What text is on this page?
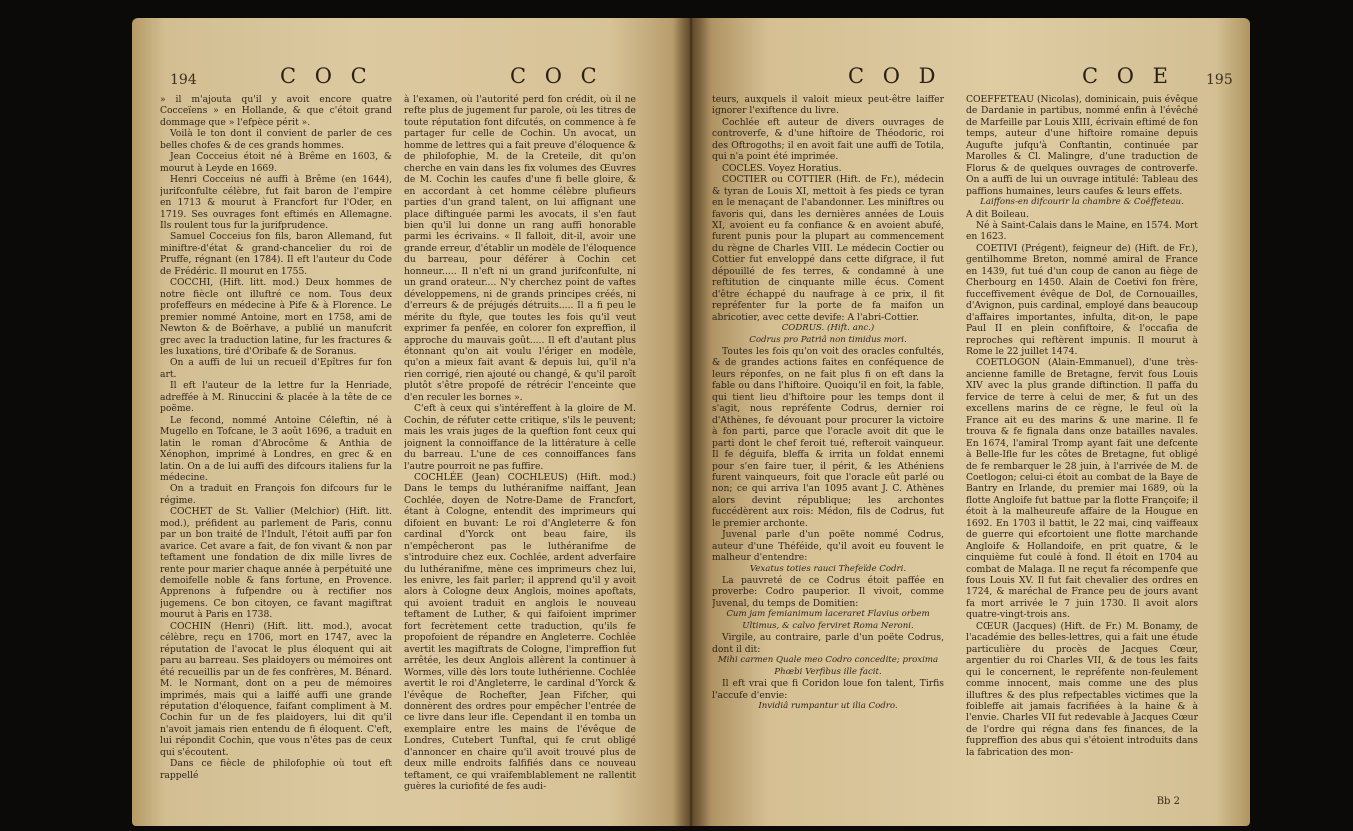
194	C O C	C O C

» il m'ajouta qu'il y avoit encore quatre Cocceïens » en Hollande, & que c'étoit grand dommage que » l'efpèce périt ».

Voilà le ton dont il convient de parler de ces belles chofes & de ces grands hommes.

Jean Cocceius étoit né à Brême en 1603, & mourut à Leyde en 1669.

Henri Cocceius né auffi à Brême (en 1644), jurifconfulte célèbre, fut fait baron de l'empire en 1713 & mourut à Francfort fur l'Oder, en 1719. Ses ouvrages font eftimés en Allemagne. Ils roulent tous fur la jurifprudence.

Samuel Cocceius fon fils, baron Allemand, fut miniftre-d'état & grand-chancelier du roi de Pruffe, régnant (en 1784). Il eft l'auteur du Code de Frédéric. Il mourut en 1755.

COCCHI, (Hift. litt. mod.) Deux hommes de notre fiècle ont illuftré ce nom. Tous deux profeffeurs en médecine à Pife & à Florence. Le premier nommé Antoine, mort en 1758, ami de Newton & de Boërhave, a publié un manufcrit grec avec la traduction latine, fur les fractures & les luxations, tiré d'Oribafe & de Soranus.

On a auffi de lui un recueil d'Epîtres fur fon art.

Il eft l'auteur de la lettre fur la Henriade, adreffée à M. Rinuccini & placée à la tête de ce poëme.

Le fecond, nommé Antoine Céleftin, né à Mugello en Tofcane, le 3 août 1696, a traduit en latin le roman d'Abrocôme & Anthia de Xénophon, imprimé à Londres, en grec & en latin. On a de lui auffi des difcours italiens fur la médecine.

On a traduit en François fon difcours fur le régime.

COCHET de St. Vallier (Melchior) (Hift. litt. mod.), préfident au parlement de Paris, connu par un bon traité de l'Indult, l'étoit auffi par fon avarice. Cet avare a fait, de fon vivant & non par teftament une fondation de dix mille livres de rente pour marier chaque année à perpétuité une demoifelle noble & fans fortune, en Provence. Apprenons à fufpendre ou à rectifier nos jugemens. Ce bon citoyen, ce favant magiftrat mourut à Paris en 1738.

COCHIN (Henri) (Hift. litt. mod.), avocat célèbre, reçu en 1706, mort en 1747, avec la réputation de l'avocat le plus éloquent qui ait paru au barreau. Ses plaidoyers ou mémoires ont été recueillis par un de fes confrères, M. Bénard. M. le Normant, dont on a peu de mémoires imprimés, mais qui a laiffé auffi une grande réputation d'éloquence, faifant compliment à M. Cochin fur un de fes plaidoyers, lui dit qu'il n'avoit jamais rien entendu de fi éloquent. C'eft, lui répondit Cochin, que vous n'êtes pas de ceux qui s'écoutent.

Dans ce fiècle de philofophie où tout eft rappellé

à l'examen, où l'autorité perd fon crédit, où il ne refte plus de jugement fur parole, où les titres de toute réputation font difcutés, on commence à fe partager fur celle de Cochin. Un avocat, un homme de lettres qui a fait preuve d'éloquence & de philofophie, M. de la Creteile, dit qu'on cherche en vain dans les fix volumes des Œuvres de M. Cochin les caufes d'une fi belle gloire, & en accordant à cet homme célèbre plufieurs parties d'un grand talent, on lui affignant une place diftinguée parmi les avocats, il s'en faut bien qu'il lui donne un rang auffi honorable parmi les écrivains. « Il falloit, dit-il, avoir une grande erreur, d'établir un modèle de l'éloquence du barreau, pour déférer à Cochin cet honneur..... Il n'eft ni un grand jurifconfulte, ni un grand orateur.... N'y cherchez point de vaftes développemens, ni de grands principes créés, ni d'erreurs & de préjugés détruits..... Il a fi peu le mérite du ftyle, que toutes les fois qu'il veut exprimer fa penfée, en colorer fon expreffion, il approche du mauvais goût..... Il eft d'autant plus étonnant qu'on ait voulu l'ériger en modèle, qu'on a mieux fait avant & depuis lui, qu'il n'a rien corrigé, rien ajouté ou changé, & qu'il paroît plutôt s'être propofé de rétrécir l'enceinte que d'en reculer les bornes ».

C'eft à ceux qui s'intéreffent à la gloire de M. Cochin, de réfuter cette critique, s'ils le peuvent; mais les vrais juges de la queftion font ceux qui joignent la connoiffance de la littérature à celle du barreau. L'une de ces connoiffances fans l'autre pourroit ne pas fuffire.

COCHLÉE (Jean) COCHLEUS) (Hift. mod.) Dans le temps du luthéranifme naiffant, Jean Cochlée, doyen de Notre-Dame de Francfort, étant à Cologne, entendit des imprimeurs qui difoient en buvant: Le roi d'Angleterre & fon cardinal d'Yorck ont beau faire, ils n'empêcheront pas le luthéranifme de s'introduire chez eux. Cochlée, ardent adverfaire du luthéranifme, mène ces imprimeurs chez lui, les enivre, les fait parler; il apprend qu'il y avoit alors à Cologne deux Anglois, moines apoftats, qui avoient traduit en anglois le nouveau teftament de Luther, & qui faifoient imprimer fort fecrètement cette traduction, qu'ils fe propofoient de répandre en Angleterre. Cochlée avertit les magiftrats de Cologne, l'impreffion fut arrêtée, les deux Anglois allèrent la continuer à Wormes, ville dès lors toute luthérienne. Cochlée avertit le roi d'Angleterre, le cardinal d'Yorck & l'évêque de Rochefter, Jean Fifcher, qui donnèrent des ordres pour empêcher l'entrée de ce livre dans leur ifle. Cependant il en tomba un exemplaire entre les mains de l'évêque de Londres, Cutebert Tunftal, qui fe crut obligé d'annoncer en chaire qu'il avoit trouvé plus de deux mille endroits falfifiés dans ce nouveau teftament, ce qui vraifemblablement ne rallentit guères la curiofité de fes audi-

C O D	C O E 195

teurs, auxquels il valoit mieux peut-être laiffer ignorer l'exiftence du livre.

Cochlée eft auteur de divers ouvrages de controverfe, & d'une hiftoire de Théodoric, roi des Oftrogoths; il en avoit fait une auffi de Totila, qui n'a point été imprimée.

COCLES. Voyez Horatius.

COCTIER ou COTTIER (Hift. de Fr.), médecin & tyran de Louis XI, mettoit à fes pieds ce tyran en le menaçant de l'abandonner. Les miniftres ou favoris qui, dans les dernières années de Louis XI, avoient eu fa confiance & en avoient abufé, furent punis pour la plupart au commencement du règne de Charles VIII. Le médecin Coctier ou Cottier fut enveloppé dans cette difgrace, il fut dépouillé de fes terres, & condamné à une reftitution de cinquante mille écus. Coment d'être échappé du naufrage à ce prix, il fit repréfenter fur la porte de fa maifon un abricotier, avec cette devife: A l'abri-Cottier.

CODRUS. (Hift. anc.)

Codrus pro Patriâ non timidus mori.

Toutes les fois qu'on voit des oracles confultés, & de grandes actions faites en conféquence de leurs réponfes, on ne fait plus fi on eft dans la fable ou dans l'hiftoire. Quoiqu'il en foit, la fable, qui tient lieu d'hiftoire pour les temps dont il s'agit, nous repréfente Codrus, dernier roi d'Athènes, fe dévouant pour procurer la victoire à fon parti, parce que l'oracle avoit dit que le parti dont le chef feroit tué, refteroit vainqueur. Il fe déguifa, bleffa & irrita un foldat ennemi pour s'en faire tuer, il périt, & les Athéniens furent vainqueurs, foit que l'oracle eût parlé ou non; ce qui arriva l'an 1095 avant J. C. Athènes alors devint république; les archontes fuccédèrent aux rois: Médon, fils de Codrus, fut le premier archonte.

Juvenal parle d'un poëte nommé Codrus, auteur d'une Théféide, qu'il avoit eu fouvent le malheur d'entendre:

Vexatus toties rauci Thefeïde Codri.

La pauvreté de ce Codrus étoit paffée en proverbe: Codro pauperior. Il vivoit, comme Juvenal, du temps de Domitien:

Cum jam femianimum laceraret Flavius orbem Ultimus, & calvo ferviret Roma Neroni.

Virgile, au contraire, parle d'un poëte Codrus, dont il dit:

Mihi carmen Quale meo Codro concedite; proxima Phœbi Verfibus ille facit.

Il eft vrai que fi Coridon loue fon talent, Tirfis l'accufe d'envie:

Invidiâ rumpantur ut ilia Codro.

COEFFETEAU (Nicolas), dominicain, puis évêque de Dardanie in partibus, nommé enfin à l'évêché de Marfeille par Louis XIII, écrivain eftimé de fon temps, auteur d'une hiftoire romaine depuis Augufte jufqu'à Conftantin, continuée par Marolles & Cl. Malingre, d'une traduction de Florus & de quelques ouvrages de controverfe. On a auffi de lui un ouvrage intitulé: Tableau des paffions humaines, leurs caufes & leurs effets.

Laiffons-en difcourir la chambre & Coëffeteau.

A dit Boileau.

Né à Saint-Calais dans le Maine, en 1574. Mort en 1623.

COETIVI (Prégent), feigneur de) (Hift. de Fr.), gentilhomme Breton, nommé amiral de France en 1439, fut tué d'un coup de canon au fiège de Cherbourg en 1450. Alain de Coetivi fon frère, fucceffivement évêque de Dol, de Cornouailles, d'Avignon, puis cardinal, employé dans beaucoup d'affaires importantes, infulta, dit-on, le pape Paul II en plein confiftoire, & l'occafia de reproches qui reftèrent impunis. Il mourut à Rome le 22 juillet 1474.

COETLOGON (Alain-Emmanuel), d'une très-ancienne famille de Bretagne, fervit fous Louis XIV avec la plus grande diftinction. Il paffa du fervice de terre à celui de mer, & fut un des excellens marins de ce règne, le feul où la France ait eu des marins & une marine. Il fe trouva & fe fignala dans onze batailles navales. En 1674, l'amiral Tromp ayant fait une defcente à Belle-Ifle fur les côtes de Bretagne, fut obligé de fe rembarquer le 28 juin, à l'arrivée de M. de Coetlogon; celui-ci étoit au combat de la Baye de Bantry en Irlande, du premier mai 1689, où la flotte Angloife fut battue par la flotte Françoife; il étoit à la malheureufe affaire de la Hougue en 1692. En 1703 il battit, le 22 mai, cinq vaiffeaux de guerre qui efcortoient une flotte marchande Angloife & Hollandoife, en prit quatre, & le cinquième fut coulé à fond. Il étoit en 1704 au combat de Malaga. Il ne reçut fa récompenfe que fous Louis XV. Il fut fait chevalier des ordres en 1724, & maréchal de France peu de jours avant fa mort arrivée le 7 juin 1730. Il avoit alors quatre-vingt-trois ans.

CŒUR (Jacques) (Hift. de Fr.) M. Bonamy, de l'académie des belles-lettres, qui a fait une étude particulière du procès de Jacques Cœur, argentier du roi Charles VII, & de tous les faits qui le concernent, le repréfente non-feulement comme innocent, mais comme une des plus illuftres & des plus refpectables victimes que la foibleffe ait jamais facrifiées à la haine & à l'envie. Charles VII fut redevable à Jacques Cœur de l'ordre qui régna dans fes finances, de la fuppreffion des abus qui s'étoient introduits dans la fabrication des mon-

Bb 2
